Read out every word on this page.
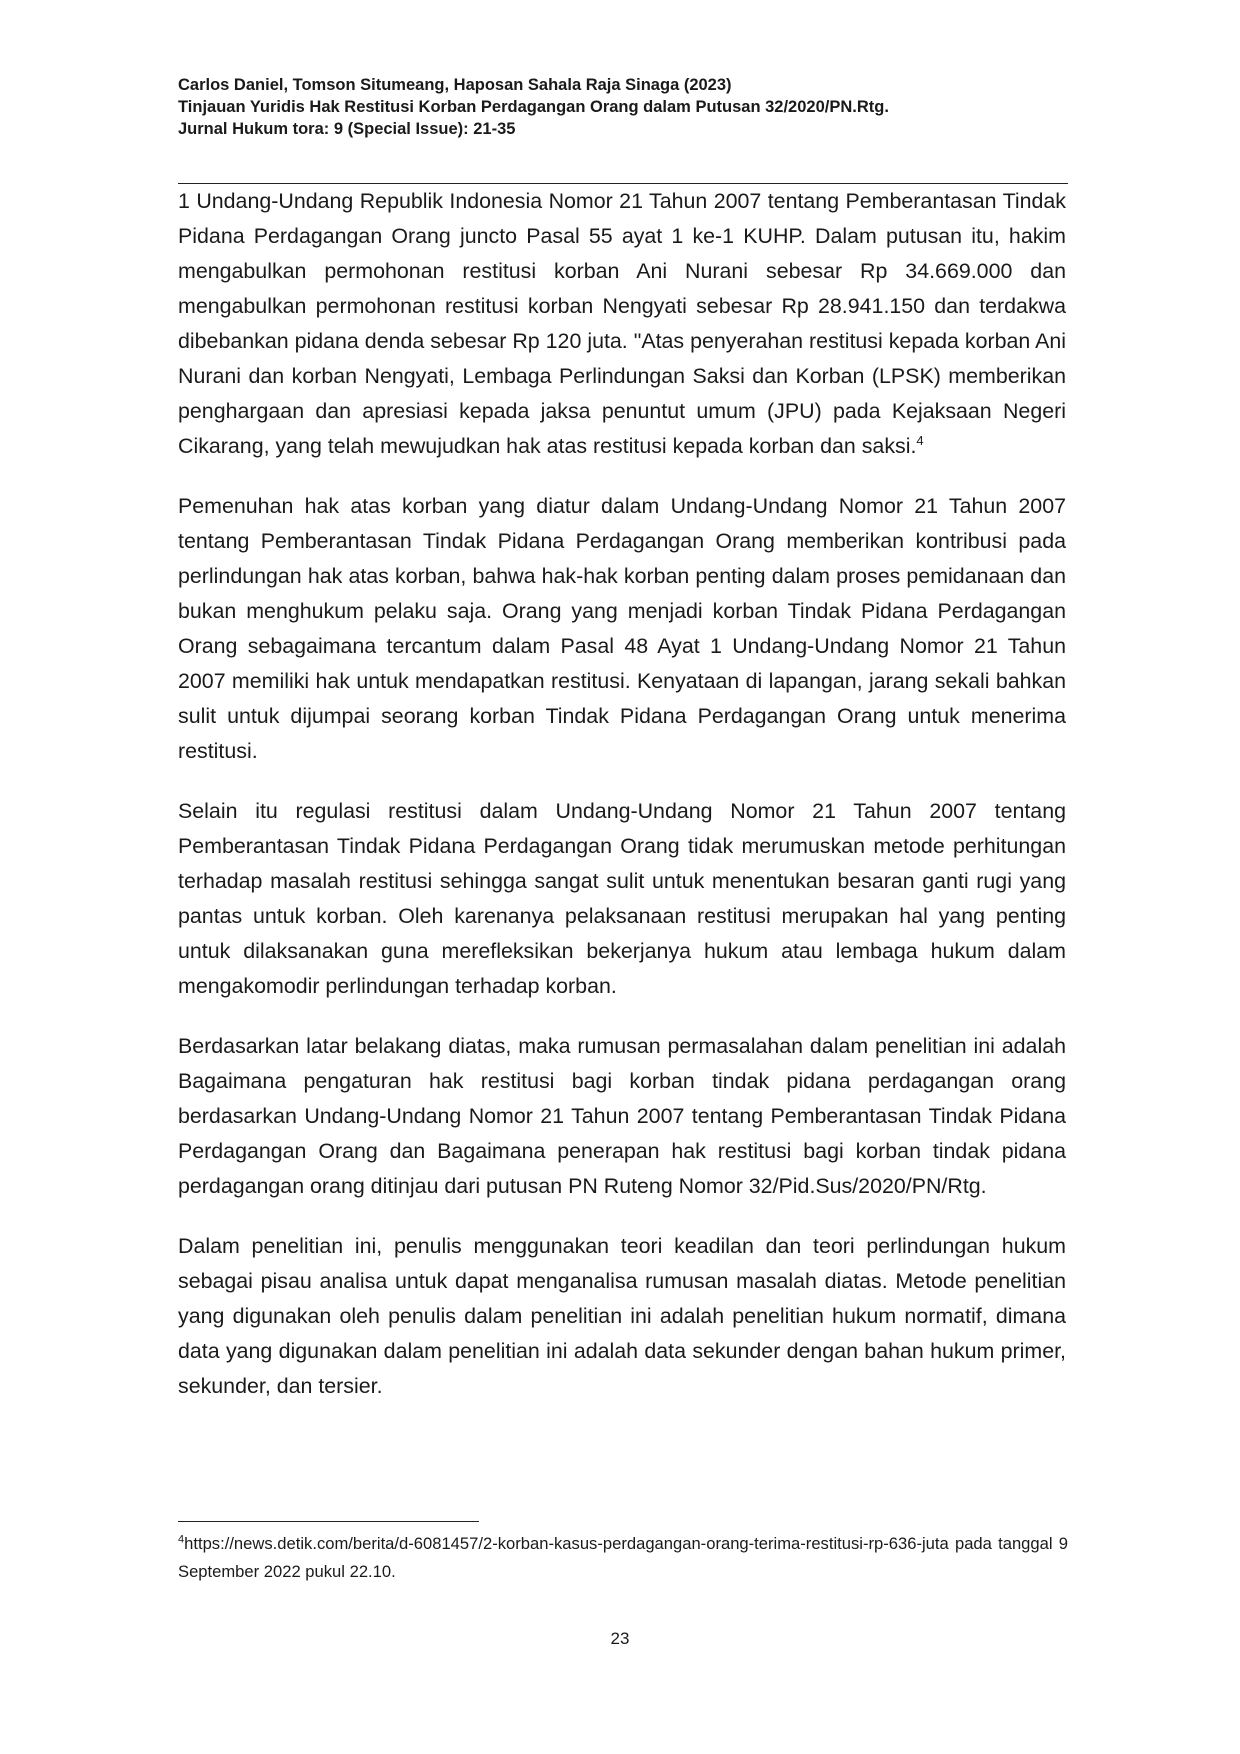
Carlos Daniel, Tomson Situmeang, Haposan Sahala Raja Sinaga (2023)
Tinjauan Yuridis Hak Restitusi Korban Perdagangan Orang dalam Putusan 32/2020/PN.Rtg.
Jurnal Hukum tora: 9 (Special Issue): 21-35

1 Undang-Undang Republik Indonesia Nomor 21 Tahun 2007 tentang Pemberantasan Tindak Pidana Perdagangan Orang juncto Pasal 55 ayat 1 ke-1 KUHP. Dalam putusan itu, hakim mengabulkan permohonan restitusi korban Ani Nurani sebesar Rp 34.669.000 dan mengabulkan permohonan restitusi korban Nengyati sebesar Rp 28.941.150 dan terdakwa dibebankan pidana denda sebesar Rp 120 juta. "Atas penyerahan restitusi kepada korban Ani Nurani dan korban Nengyati, Lembaga Perlindungan Saksi dan Korban (LPSK) memberikan penghargaan dan apresiasi kepada jaksa penuntut umum (JPU) pada Kejaksaan Negeri Cikarang, yang telah mewujudkan hak atas restitusi kepada korban dan saksi.$^4$

Pemenuhan hak atas korban yang diatur dalam Undang-Undang Nomor 21 Tahun 2007 tentang Pemberantasan Tindak Pidana Perdagangan Orang memberikan kontribusi pada perlindungan hak atas korban, bahwa hak-hak korban penting dalam proses pemidanaan dan bukan menghukum pelaku saja. Orang yang menjadi korban Tindak Pidana Perdagangan Orang sebagaimana tercantum dalam Pasal 48 Ayat 1 Undang-Undang Nomor 21 Tahun 2007 memiliki hak untuk mendapatkan restitusi. Kenyataan di lapangan, jarang sekali bahkan sulit untuk dijumpai seorang korban Tindak Pidana Perdagangan Orang untuk menerima restitusi.

Selain itu regulasi restitusi dalam Undang-Undang Nomor 21 Tahun 2007 tentang Pemberantasan Tindak Pidana Perdagangan Orang tidak merumuskan metode perhitungan terhadap masalah restitusi sehingga sangat sulit untuk menentukan besaran ganti rugi yang pantas untuk korban. Oleh karenanya pelaksanaan restitusi merupakan hal yang penting untuk dilaksanakan guna merefleksikan bekerjanya hukum atau lembaga hukum dalam mengakomodir perlindungan terhadap korban.

Berdasarkan latar belakang diatas, maka rumusan permasalahan dalam penelitian ini adalah Bagaimana pengaturan hak restitusi bagi korban tindak pidana perdagangan orang berdasarkan Undang-Undang Nomor 21 Tahun 2007 tentang Pemberantasan Tindak Pidana Perdagangan Orang dan Bagaimana penerapan hak restitusi bagi korban tindak pidana perdagangan orang ditinjau dari putusan PN Ruteng Nomor 32/Pid.Sus/2020/PN/Rtg.

Dalam penelitian ini, penulis menggunakan teori keadilan dan teori perlindungan hukum sebagai pisau analisa untuk dapat menganalisa rumusan masalah diatas. Metode penelitian yang digunakan oleh penulis dalam penelitian ini adalah penelitian hukum normatif, dimana data yang digunakan dalam penelitian ini adalah data sekunder dengan bahan hukum primer, sekunder, dan tersier.

$^4$https://news.detik.com/berita/d-6081457/2-korban-kasus-perdagangan-orang-terima-restitusi-rp-636-juta pada tanggal 9 September 2022 pukul 22.10.
23
